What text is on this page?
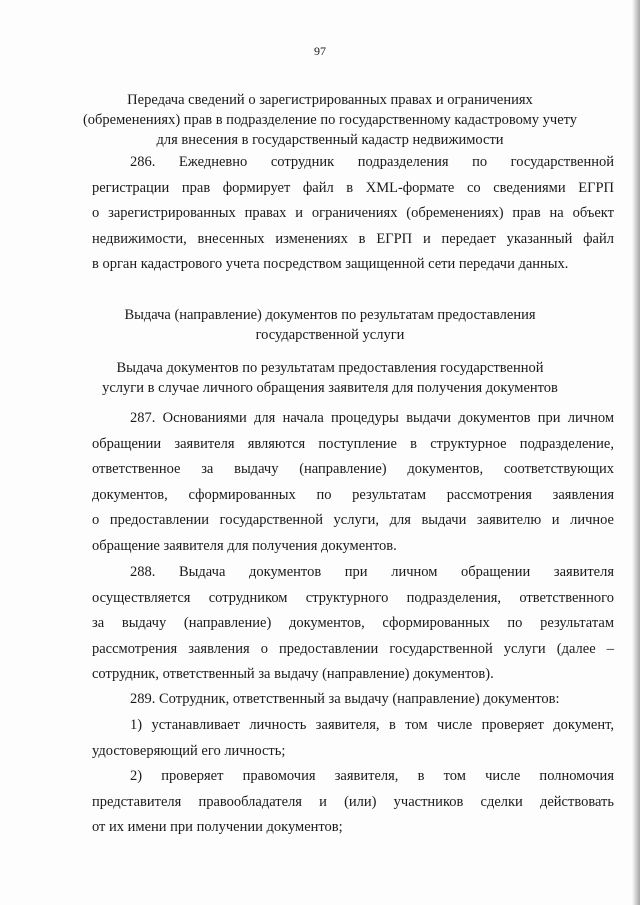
97
Передача сведений о зарегистрированных правах и ограничениях
(обременениях) прав в подразделение по государственному кадастровому учету
для внесения в государственный кадастр недвижимости
286. Ежедневно сотрудник подразделения по государственной
регистрации прав формирует файл в XML-формате со сведениями ЕГРП
о зарегистрированных правах и ограничениях (обременениях) прав на объект
недвижимости, внесенных изменениях в ЕГРП и передает указанный файл
в орган кадастрового учета посредством защищенной сети передачи данных.
Выдача (направление) документов по результатам предоставления
государственной услуги
Выдача документов по результатам предоставления государственной
услуги в случае личного обращения заявителя для получения документов
287. Основаниями для начала процедуры выдачи документов при личном
обращении заявителя являются поступление в структурное подразделение,
ответственное за выдачу (направление) документов, соответствующих
документов, сформированных по результатам рассмотрения заявления
о предоставлении государственной услуги, для выдачи заявителю и личное
обращение заявителя для получения документов.
288. Выдача документов при личном обращении заявителя
осуществляется сотрудником структурного подразделения, ответственного
за выдачу (направление) документов, сформированных по результатам
рассмотрения заявления о предоставлении государственной услуги (далее –
сотрудник, ответственный за выдачу (направление) документов).
289. Сотрудник, ответственный за выдачу (направление) документов:
1) устанавливает личность заявителя, в том числе проверяет документ,
удостоверяющий его личность;
2) проверяет правомочия заявителя, в том числе полномочия
представителя правообладателя и (или) участников сделки действовать
от их имени при получении документов;
